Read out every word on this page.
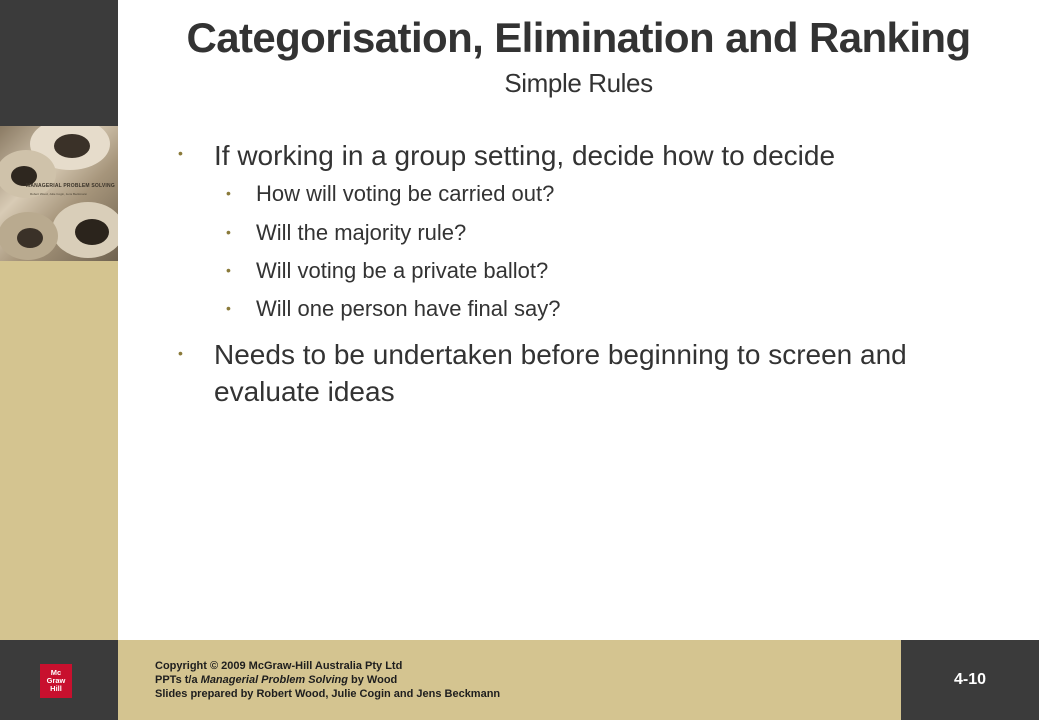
MANAGERIAL PROBLEM SOLVING
Robert Wood, Julie Cogin, Jens Beckmann
Categorisation, Elimination and Ranking
Simple Rules
• If working in a group setting, decide how to decide
• How will voting be carried out?
• Will the majority rule?
• Will voting be a private ballot?
• Will one person have final say?
• Needs to be undertaken before beginning to screen and evaluate ideas
Mc
Graw
Hill
Copyright © 2009 McGraw-Hill Australia Pty Ltd
PPTs t/a Managerial Problem Solving by Wood
Slides prepared by Robert Wood, Julie Cogin and Jens Beckmann
4-10
